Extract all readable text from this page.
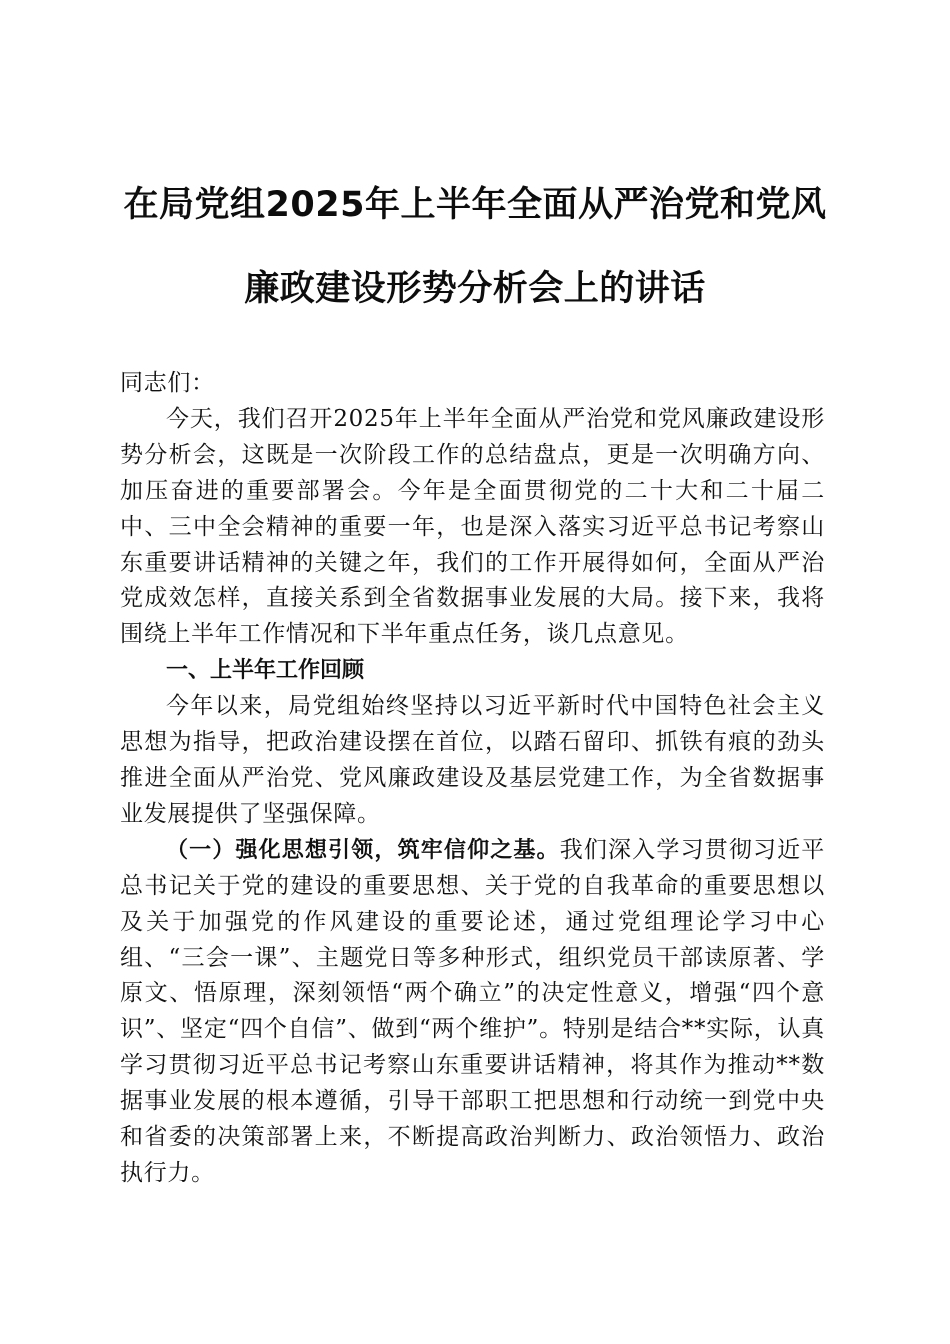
在局党组2025年上半年全面从严治党和党风
廉政建设形势分析会上的讲话

同志们：

今天，我们召开2025年上半年全面从严治党和党风廉政建设形势分析会，这既是一次阶段工作的总结盘点，更是一次明确方向、加压奋进的重要部署会。今年是全面贯彻党的二十大和二十届二中、三中全会精神的重要一年，也是深入落实习近平总书记考察山东重要讲话精神的关键之年，我们的工作开展得如何，全面从严治党成效怎样，直接关系到全省数据事业发展的大局。接下来，我将围绕上半年工作情况和下半年重点任务，谈几点意见。

一、上半年工作回顾

今年以来，局党组始终坚持以习近平新时代中国特色社会主义思想为指导，把政治建设摆在首位，以踏石留印、抓铁有痕的劲头推进全面从严治党、党风廉政建设及基层党建工作，为全省数据事业发展提供了坚强保障。

（一）强化思想引领，筑牢信仰之基。我们深入学习贯彻习近平总书记关于党的建设的重要思想、关于党的自我革命的重要思想以及关于加强党的作风建设的重要论述，通过党组理论学习中心组、“三会一课”、主题党日等多种形式，组织党员干部读原著、学原文、悟原理，深刻领悟“两个确立”的决定性意义，增强“四个意识”、坚定“四个自信”、做到“两个维护”。特别是结合**实际，认真学习贯彻习近平总书记考察山东重要讲话精神，将其作为推动**数据事业发展的根本遵循，引导干部职工把思想和行动统一到党中央和省委的决策部署上来，不断提高政治判断力、政治领悟力、政治执行力。
